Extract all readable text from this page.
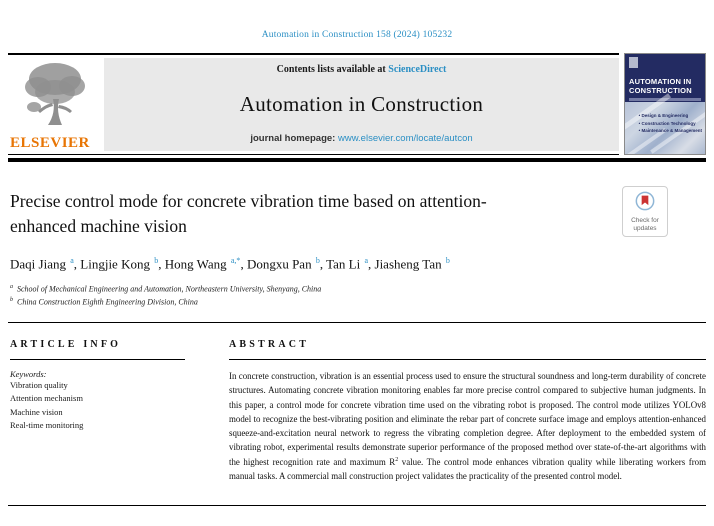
Automation in Construction 158 (2024) 105232
ELSEVIER
Contents lists available at ScienceDirect
Automation in Construction
journal homepage: www.elsevier.com/locate/autcon
AUTOMATION IN CONSTRUCTION
• Design & Engineering
• Construction Technology
• Maintenance & Management
Precise control mode for concrete vibration time based on attention-enhanced machine vision	Check for updates
Daqi Jiang $^a$, Lingjie Kong $^b$, Hong Wang $^{a,*}$, Dongxu Pan $^b$, Tan Li $^a$, Jiasheng Tan $^b$
$^a$ School of Mechanical Engineering and Automation, Northeastern University, Shenyang, China
$^b$ China Construction Eighth Engineering Division, China
ARTICLE INFO
Keywords:
Vibration quality
Attention mechanism
Machine vision
Real-time monitoring
ABSTRACT
In concrete construction, vibration is an essential process used to ensure the structural soundness and long-term durability of concrete structures. Automating concrete vibration monitoring enables far more precise control compared to subjective human judgments. In this paper, a control mode for concrete vibration time used on the vibrating robot is proposed. The control mode utilizes YOLOv8 model to recognize the best-vibrating position and eliminate the rebar part of concrete surface image and employs attention-enhanced squeeze-and-excitation neural network to regress the vibrating completion degree. After deployment to the embedded system of vibrating robot, experimental results demonstrate superior performance of the proposed method over state-of-the-art algorithms with the highest recognition rate and maximum $R^2$ value. The control mode enhances vibration quality while liberating workers from manual tasks. A commercial mall construction project validates the practicality of the presented control model.
